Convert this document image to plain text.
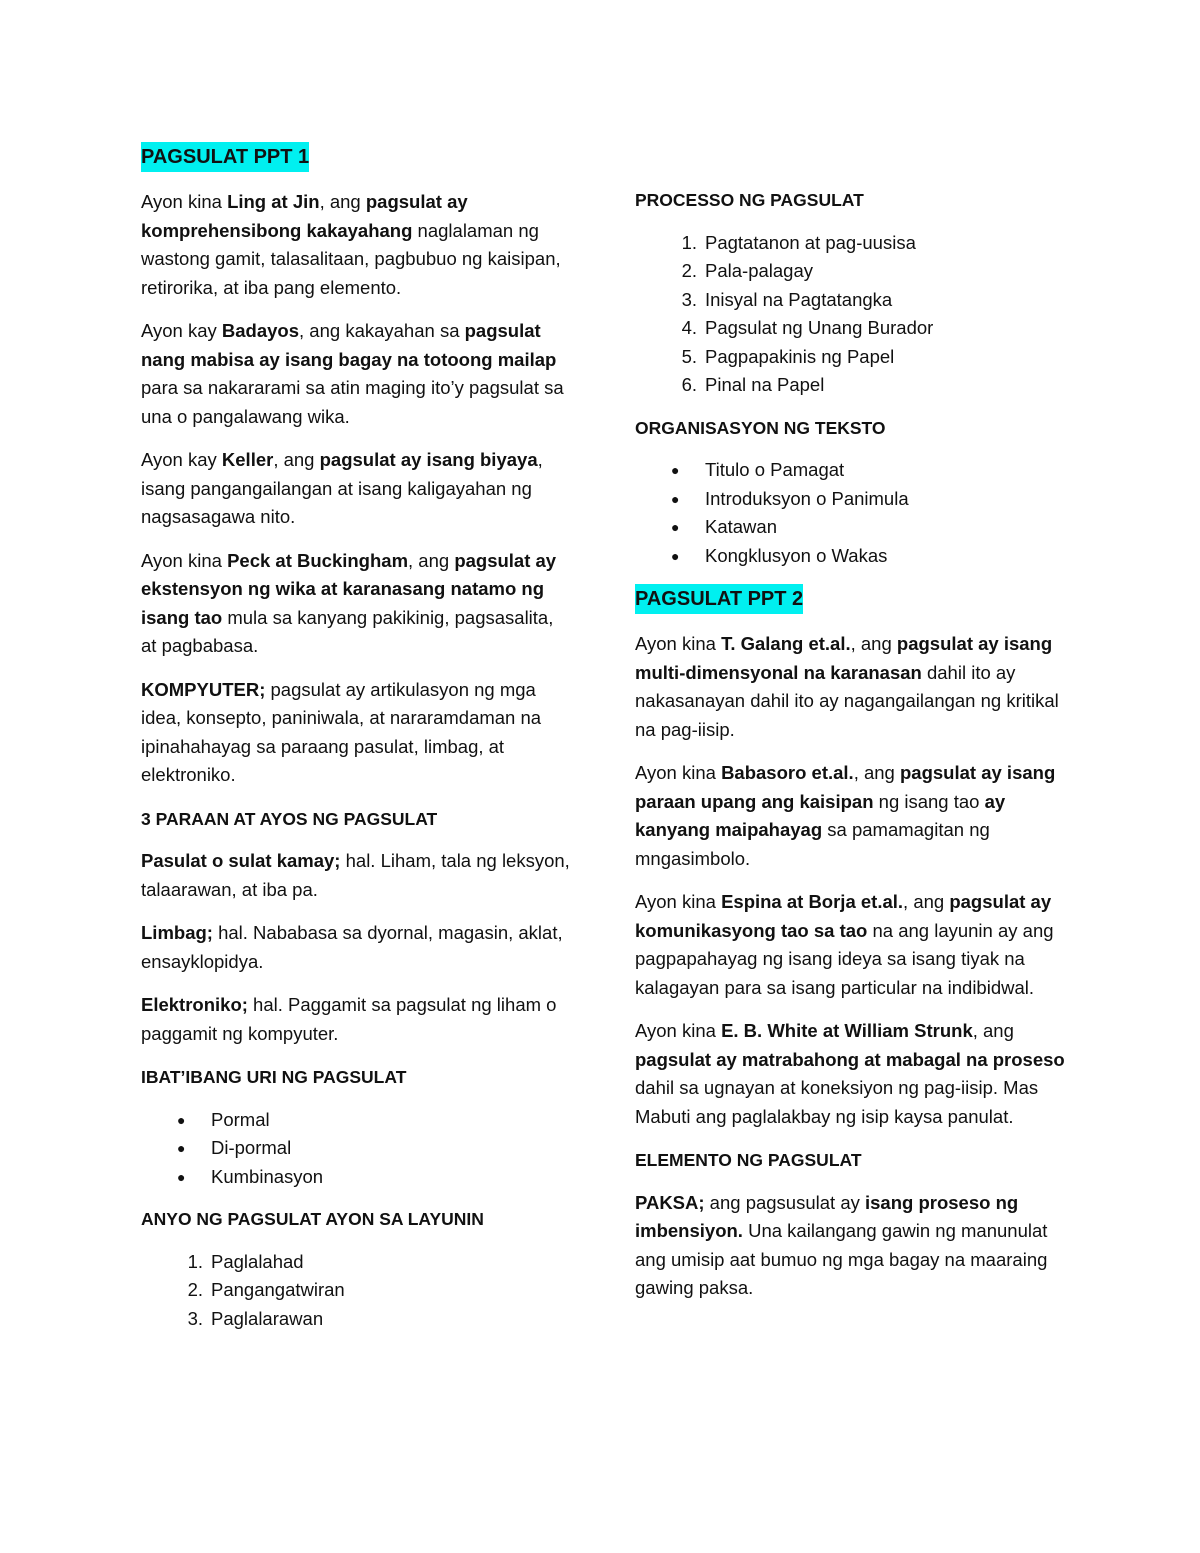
PAGSULAT PPT 1

Ayon kina Ling at Jin, ang pagsulat ay komprehensibong kakayahang naglalaman ng wastong gamit, talasalitaan, pagbubuo ng kaisipan, retirorika, at iba pang elemento.

Ayon kay Badayos, ang kakayahan sa pagsulat nang mabisa ay isang bagay na totoong mailap para sa nakararami sa atin maging ito’y pagsulat sa una o pangalawang wika.

Ayon kay Keller, ang pagsulat ay isang biyaya, isang pangangailangan at isang kaligayahan ng nagsasagawa nito.

Ayon kina Peck at Buckingham, ang pagsulat ay ekstensyon ng wika at karanasang natamo ng isang tao mula sa kanyang pakikinig, pagsasalita, at pagbabasa.

KOMPYUTER; pagsulat ay artikulasyon ng mga idea, konsepto, paniniwala, at nararamdaman na ipinahahayag sa paraang pasulat, limbag, at elektroniko.

3 PARAAN AT AYOS NG PAGSULAT

Pasulat o sulat kamay; hal. Liham, tala ng leksyon, talaarawan, at iba pa.

Limbag; hal. Nababasa sa dyornal, magasin, aklat, ensayklopidya.

Elektroniko; hal. Paggamit sa pagsulat ng liham o paggamit ng kompyuter.

IBAT’IBANG URI NG PAGSULAT
● Pormal
● Di-pormal
● Kumbinasyon
ANYO NG PAGSULAT AYON SA LAYUNIN
1. Paglalahad
2. Pangangatwiran
3. Paglalarawan
PROCESSO NG PAGSULAT
1. Pagtatanon at pag-uusisa
2. Pala-palagay
3. Inisyal na Pagtatangka
4. Pagsulat ng Unang Burador
5. Pagpapakinis ng Papel
6. Pinal na Papel
ORGANISASYON NG TEKSTO
● Titulo o Pamagat
● Introduksyon o Panimula
● Katawan
● Kongklusyon o Wakas
PAGSULAT PPT 2

Ayon kina T. Galang et.al., ang pagsulat ay isang multi-dimensyonal na karanasan dahil ito ay nakasanayan dahil ito ay nagangailangan ng kritikal na pag-iisip.

Ayon kina Babasoro et.al., ang pagsulat ay isang paraan upang ang kaisipan ng isang tao ay kanyang maipahayag sa pamamagitan ng mngasimbolo.

Ayon kina Espina at Borja et.al., ang pagsulat ay komunikasyong tao sa tao na ang layunin ay ang pagpapahayag ng isang ideya sa isang tiyak na kalagayan para sa isang particular na indibidwal.

Ayon kina E. B. White at William Strunk, ang pagsulat ay matrabahong at mabagal na proseso dahil sa ugnayan at koneksiyon ng pag-iisip. Mas Mabuti ang paglalakbay ng isip kaysa panulat.

ELEMENTO NG PAGSULAT

PAKSA; ang pagsusulat ay isang proseso ng imbensiyon. Una kailangang gawin ng manunulat ang umisip aat bumuo ng mga bagay na maaraing gawing paksa.
